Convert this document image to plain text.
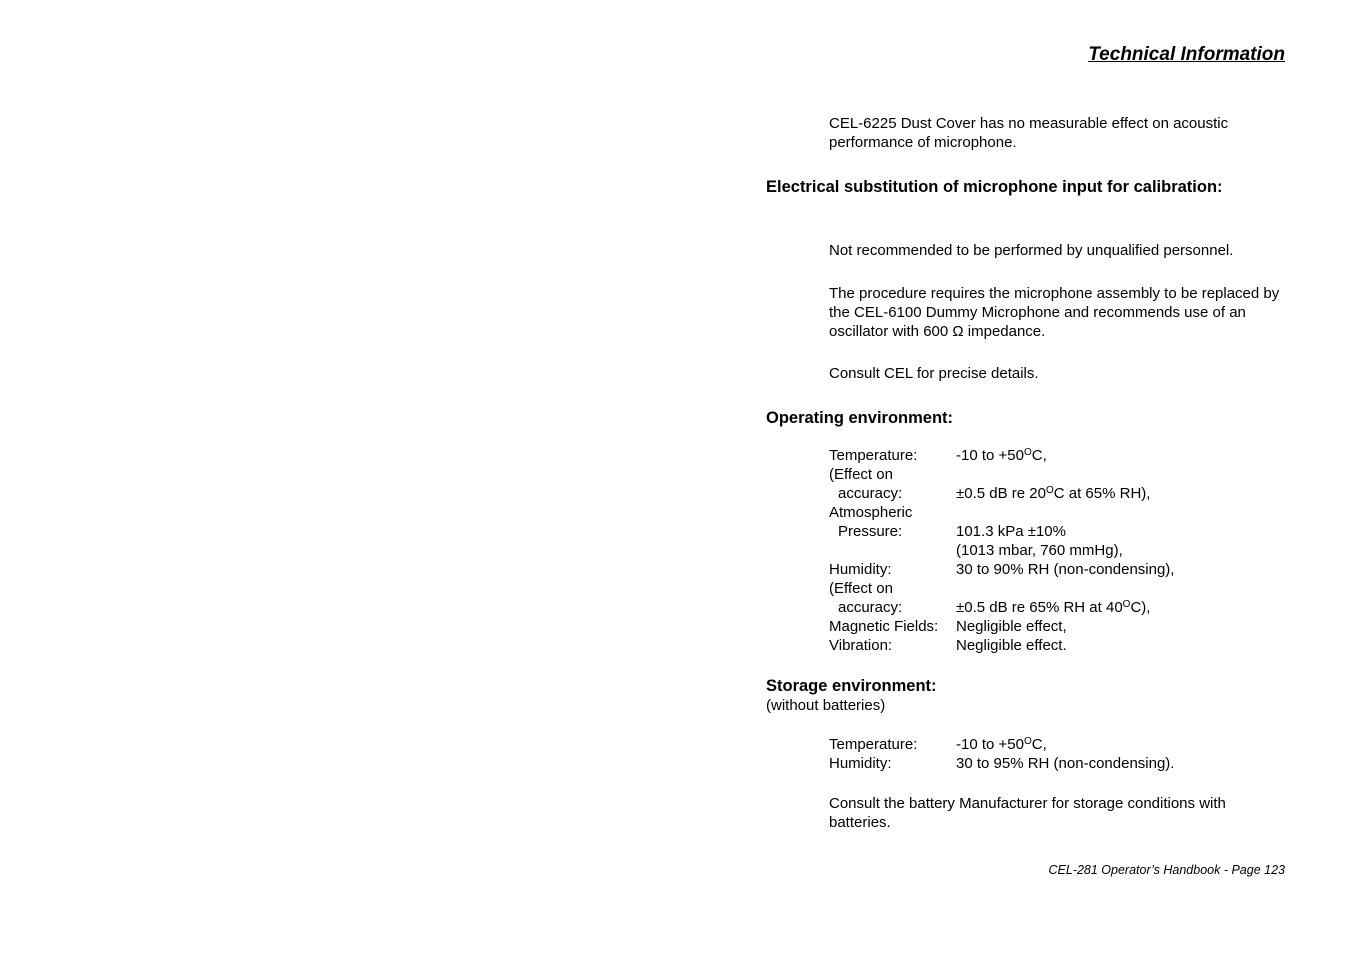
Technical Information
CEL-6225 Dust Cover has no measurable effect on acoustic performance of microphone.
Electrical substitution of microphone input for calibration:
Not recommended to be performed by unqualified personnel.
The procedure requires the microphone assembly to be replaced by the CEL-6100 Dummy Microphone and recommends use of an oscillator with 600 Ω impedance.
Consult CEL for precise details.
Operating environment:
Temperature:	-10 to $+50^OC$,
(Effect on
accuracy:	±0.5 dB re $20^OC$ at 65% RH),
Atmospheric
Pressure:	101.3 kPa ±10%
(1013 mbar, 760 mmHg),
Humidity:	30 to 90% RH (non-condensing),
(Effect on
accuracy:	±0.5 dB re 65% RH at $40^OC$),
Magnetic Fields: Negligible effect,
Vibration:	Negligible effect.
Storage environment:
(without batteries)
Temperature:	-10 to $+50^OC$,
Humidity:	30 to 95% RH (non-condensing).
Consult the battery Manufacturer for storage conditions with batteries.
CEL-281 Operator’s Handbook - Page 123
